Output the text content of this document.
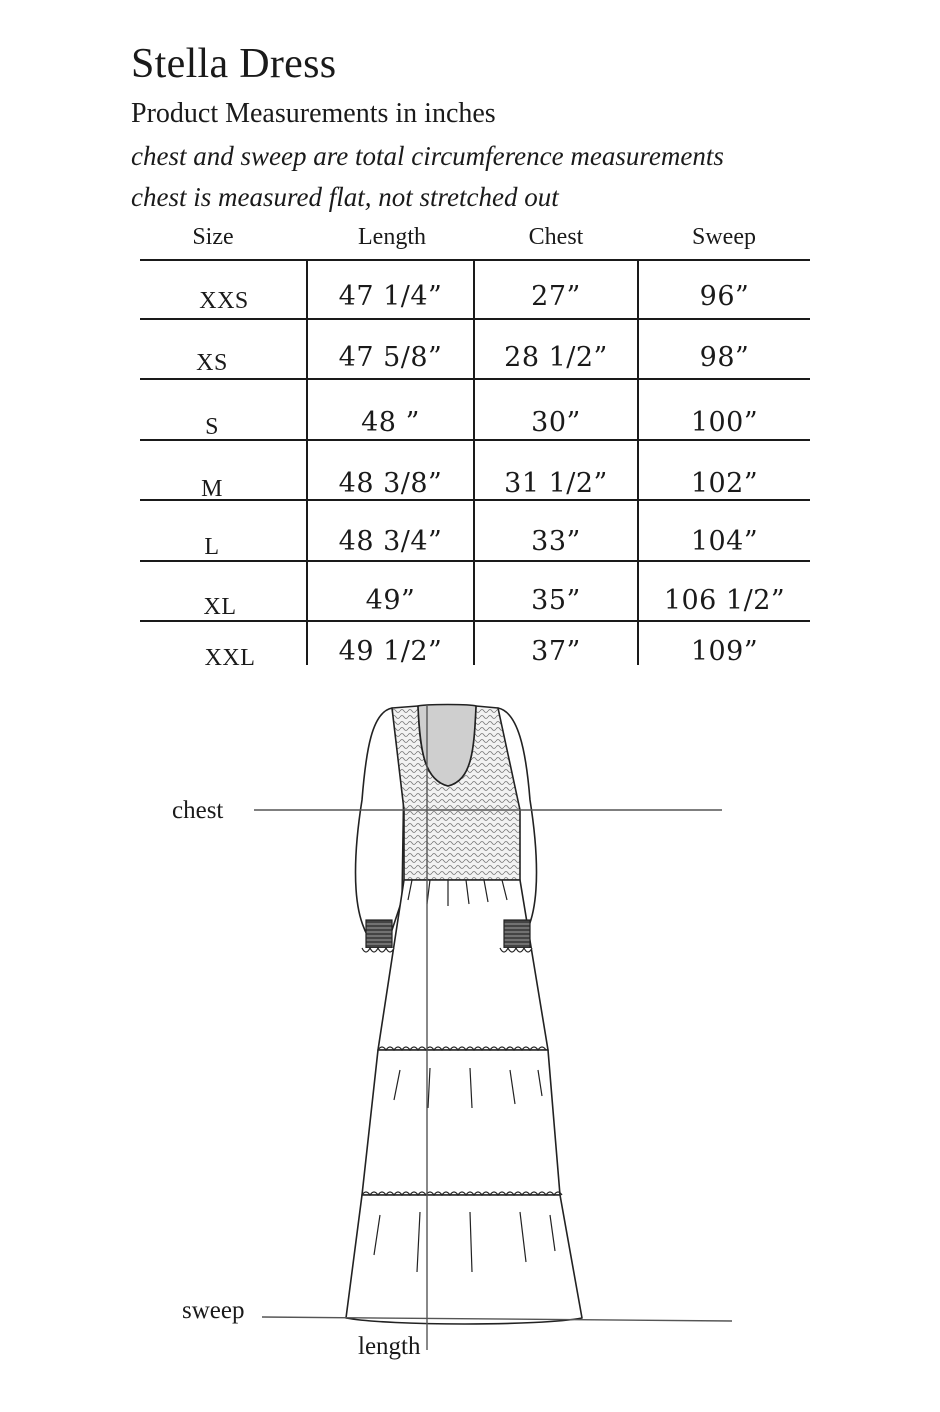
Stella Dress
Product Measurements in inches
chest and sweep are total circumference measurements
chest is measured flat, not stretched out
Size	Length	Chest	Sweep
XXS	47 1/4”	27”	96”
XS	47 5/8”	28 1/2”	98”
S	48 ”	30”	100”
M	48 3/8”	31 1/2”	102”
L	48 3/4”	33”	104”
XL	49”	35”	106 1/2”
XXL	49 1/2”	37”	109”
chest
sweep
length
